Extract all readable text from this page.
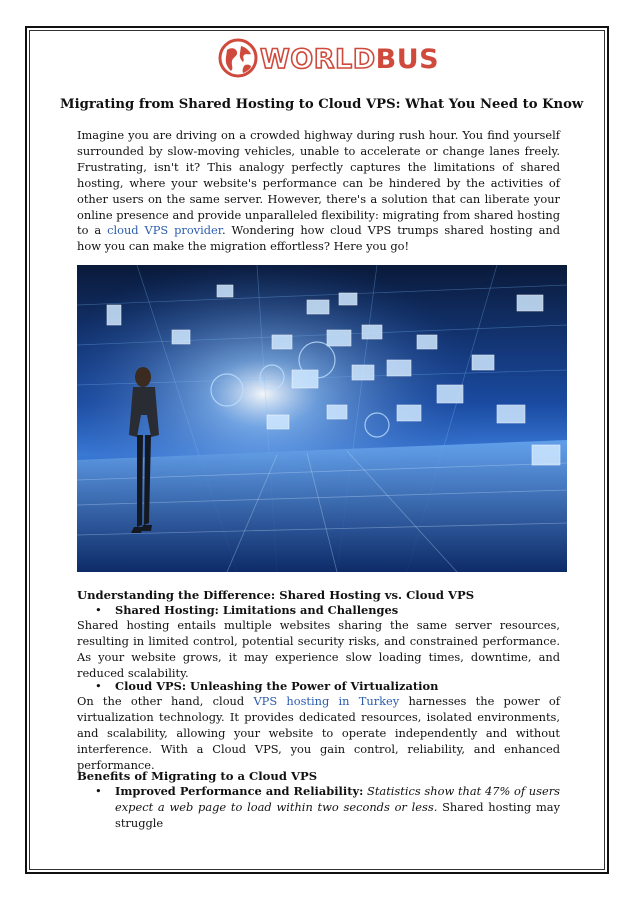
WORLDBUS
Migrating from Shared Hosting to Cloud VPS: What You Need to Know
Imagine you are driving on a crowded highway during rush hour. You find yourself surrounded by slow-moving vehicles, unable to accelerate or change lanes freely. Frustrating, isn't it? This analogy perfectly captures the limitations of shared hosting, where your website's performance can be hindered by the activities of other users on the same server. However, there's a solution that can liberate your online presence and provide unparalleled flexibility: migrating from shared hosting to a cloud VPS provider. Wondering how cloud VPS trumps shared hosting and how you can make the migration effortless? Here you go!
Understanding the Difference: Shared Hosting vs. Cloud VPS
• Shared Hosting: Limitations and Challenges
Shared hosting entails multiple websites sharing the same server resources, resulting in limited control, potential security risks, and constrained performance. As your website grows, it may experience slow loading times, downtime, and reduced scalability.
• Cloud VPS: Unleashing the Power of Virtualization
On the other hand, cloud VPS hosting in Turkey harnesses the power of virtualization technology. It provides dedicated resources, isolated environments, and scalability, allowing your website to operate independently and without interference. With a Cloud VPS, you gain control, reliability, and enhanced performance.
Benefits of Migrating to a Cloud VPS
•	Improved Performance and Reliability: Statistics show that 47% of users expect a web page to load within two seconds or less. Shared hosting may struggle
